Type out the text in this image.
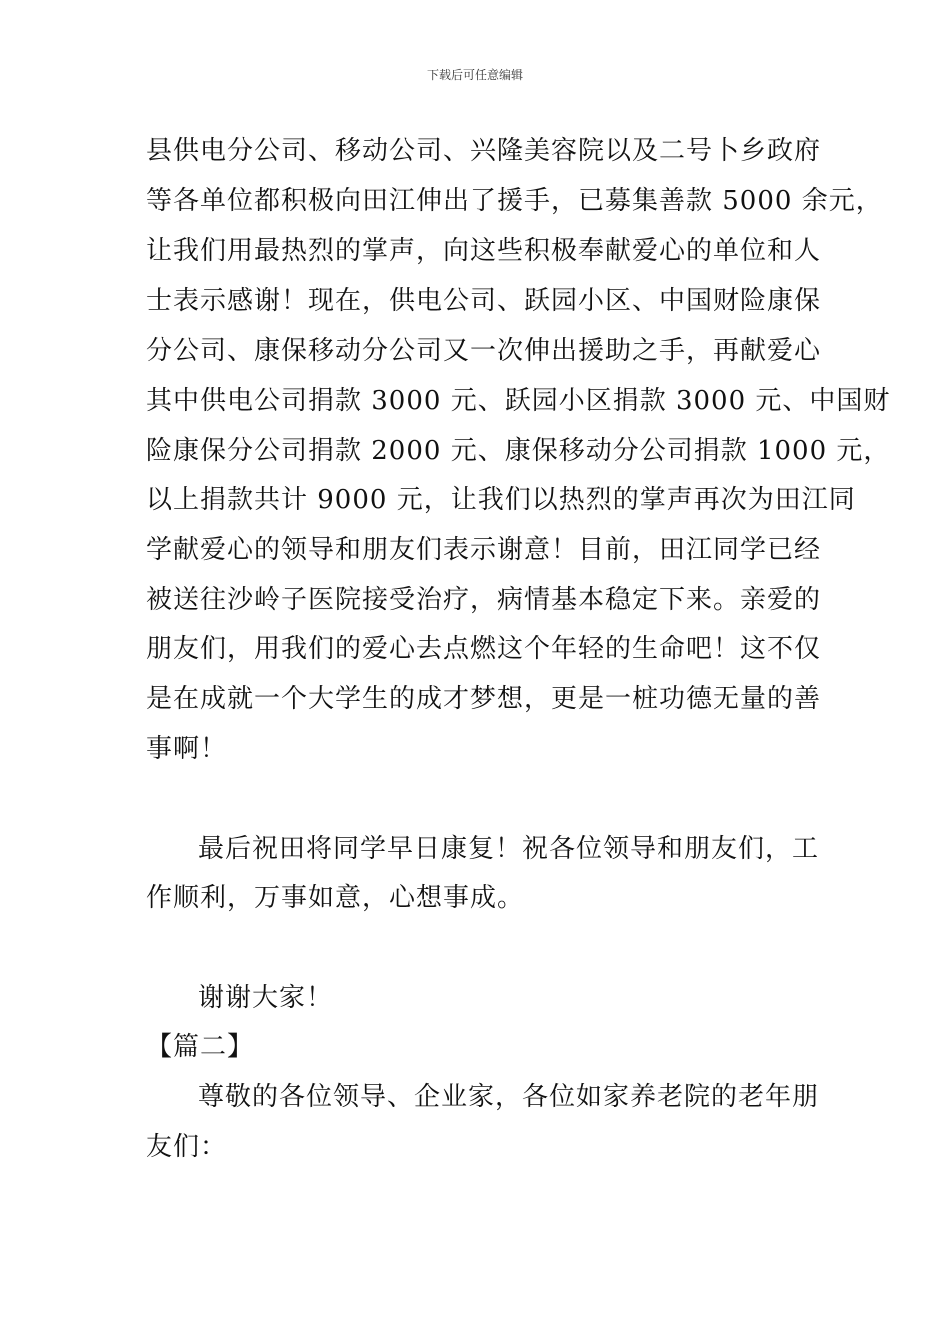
下载后可任意编辑
县供电分公司、移动公司、兴隆美容院以及二号卜乡政府
等各单位都积极向田江伸出了援手，已募集善款 5000 余元，
让我们用最热烈的掌声，向这些积极奉献爱心的单位和人
士表示感谢！现在，供电公司、跃园小区、中国财险康保
分公司、康保移动分公司又一次伸出援助之手，再献爱心
其中供电公司捐款 3000 元、跃园小区捐款 3000 元、中国财
险康保分公司捐款 2000 元、康保移动分公司捐款 1000 元，
以上捐款共计 9000 元，让我们以热烈的掌声再次为田江同
学献爱心的领导和朋友们表示谢意！目前，田江同学已经
被送往沙岭子医院接受治疗，病情基本稳定下来。亲爱的
朋友们，用我们的爱心去点燃这个年轻的生命吧！这不仅
是在成就一个大学生的成才梦想，更是一桩功德无量的善
事啊！
最后祝田将同学早日康复！祝各位领导和朋友们，工
作顺利，万事如意，心想事成。
谢谢大家！
【篇二】
尊敬的各位领导、企业家，各位如家养老院的老年朋
友们：
